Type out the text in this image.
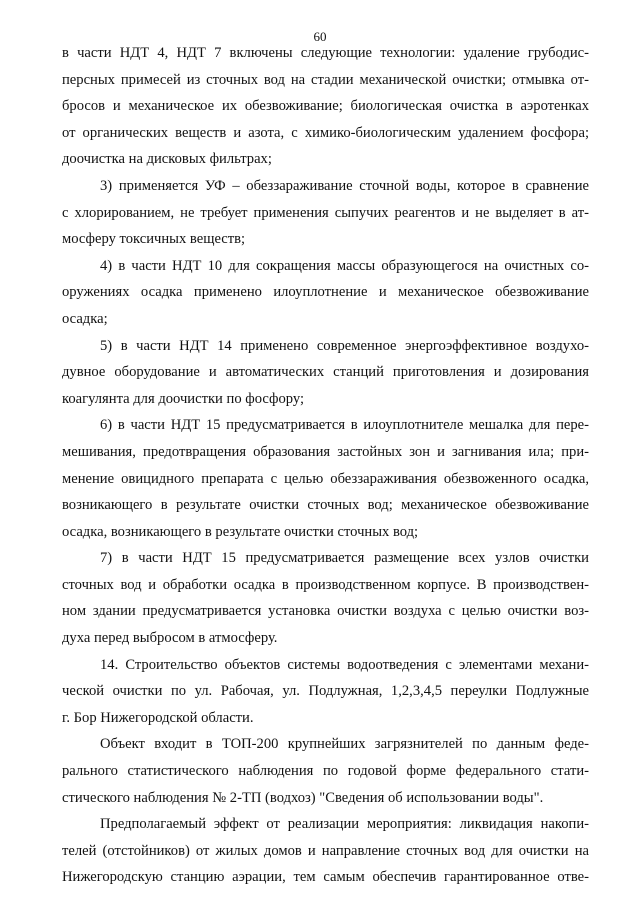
60
в части НДТ 4, НДТ 7 включены следующие технологии: удаление грубодис-
персных примесей из сточных вод на стадии механической очистки; отмывка от-
бросов и механическое их обезвоживание; биологическая очистка в аэротенках
от органических веществ и азота, с химико-биологическим удалением фосфора;
доочистка на дисковых фильтрах;
3) применяется УФ – обеззараживание сточной воды, которое в сравнение
с хлорированием, не требует применения сыпучих реагентов и не выделяет в ат-
мосферу токсичных веществ;
4) в части НДТ 10 для сокращения массы образующегося на очистных со-
оружениях осадка применено илоуплотнение и механическое обезвоживание
осадка;
5) в части НДТ 14 применено современное энергоэффективное воздухо-
дувное оборудование и автоматических станций приготовления и дозирования
коагулянта для доочистки по фосфору;
6) в части НДТ 15 предусматривается в илоуплотнителе мешалка для пере-
мешивания, предотвращения образования застойных зон и загнивания ила; при-
менение овицидного препарата с целью обеззараживания обезвоженного осадка,
возникающего в результате очистки сточных вод; механическое обезвоживание
осадка, возникающего в результате очистки сточных вод;
7) в части НДТ 15 предусматривается размещение всех узлов очистки
сточных вод и обработки осадка в производственном корпусе. В производствен-
ном здании предусматривается установка очистки воздуха с целью очистки воз-
духа перед выбросом в атмосферу.
14. Строительство объектов системы водоотведения с элементами механи-
ческой очистки по ул. Рабочая, ул. Подлужная, 1,2,3,4,5 переулки Подлужные
г. Бор Нижегородской области.
Объект входит в ТОП-200 крупнейших загрязнителей по данным феде-
рального статистического наблюдения по годовой форме федерального стати-
стического наблюдения № 2-ТП (водхоз) "Сведения об использовании воды".
Предполагаемый эффект от реализации мероприятия: ликвидация накопи-
телей (отстойников) от жилых домов и направление сточных вод для очистки на
Нижегородскую станцию аэрации, тем самым обеспечив гарантированное отве-
